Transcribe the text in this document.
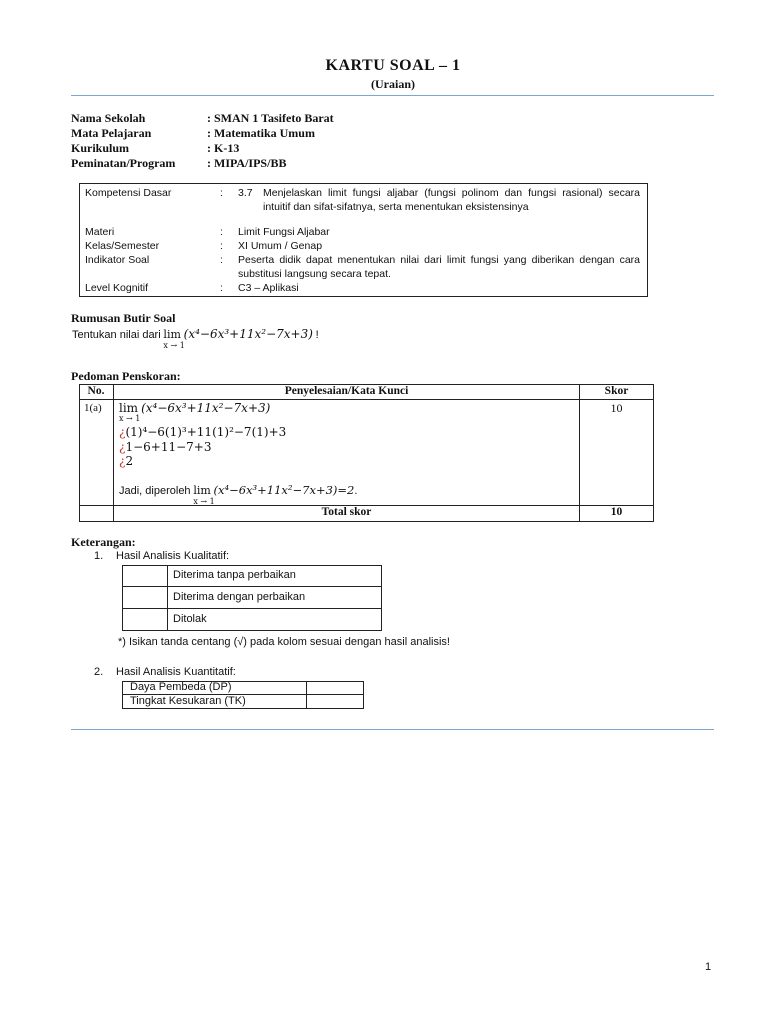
KARTU SOAL – 1
(Uraian)
Nama Sekolah	: SMAN 1 Tasifeto Barat
Mata Pelajaran	: Matematika Umum
Kurikulum	: K-13
Peminatan/Program	: MIPA/IPS/BB
Kompetensi Dasar	: 3.7 Menjelaskan limit fungsi aljabar (fungsi polinom dan fungsi rasional) secara intuitif dan sifat-sifatnya, serta menentukan eksistensinya
Materi	: Limit Fungsi Aljabar
Kelas/Semester	: XI Umum / Genap
Indikator Soal	: Peserta didik dapat menentukan nilai dari limit fungsi yang diberikan dengan cara substitusi langsung secara tepat.
Level Kognitif	: C3 – Aplikasi
Rumusan Butir Soal
Tentukan nilai dari lim
x → 1
(x⁴−6x³+11x²−7x+3) !
Pedoman Penskoran:
No.	Penyelesaian/Kata Kunci	Skor
1(a)	lim
x → 1
(x⁴−6x³+11x²−7x+3)
¿(1)⁴−6(1)³+11(1)²−7(1)+3
¿1−6+11−7+3
¿2
Jadi, diperoleh lim
x → 1
(x⁴−6x³+11x²−7x+3)=2.
10
Total skor	10
Keterangan:
1. Hasil Analisis Kualitatif:
Diterima tanpa perbaikan
Diterima dengan perbaikan
Ditolak
*) Isikan tanda centang (√) pada kolom sesuai dengan hasil analisis!
2. Hasil Analisis Kuantitatif:
Daya Pembeda (DP)
Tingkat Kesukaran (TK)
1
